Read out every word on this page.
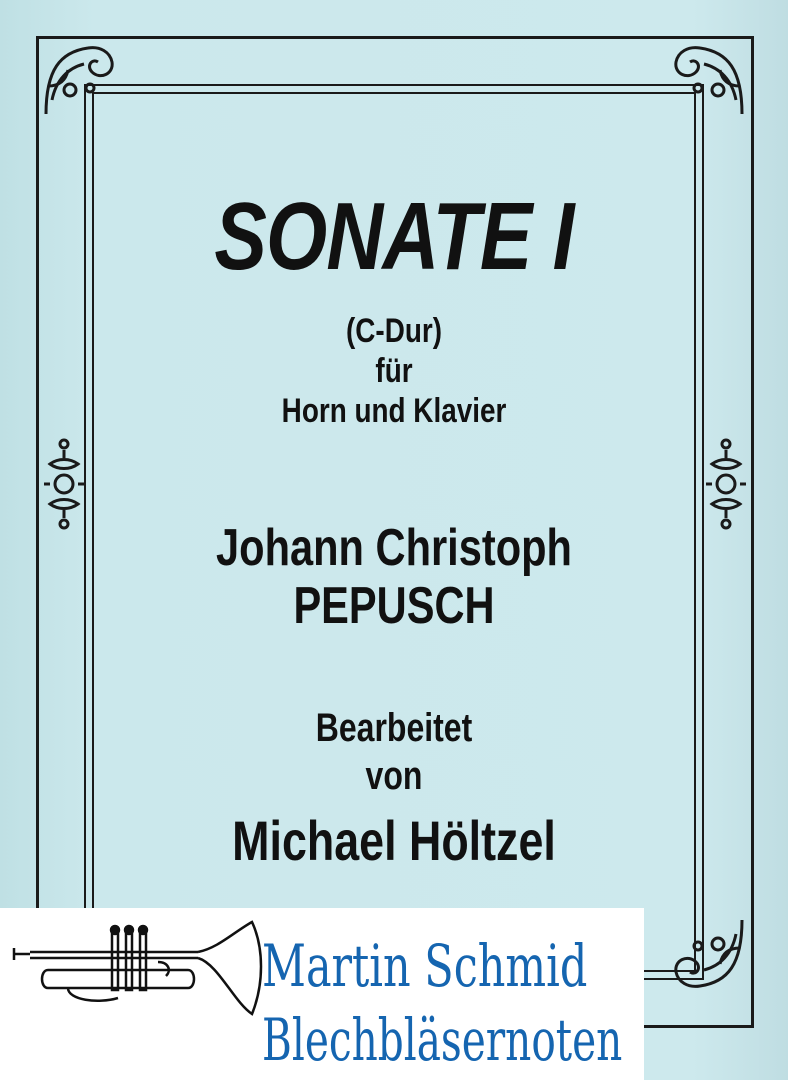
SONATE I
(C-Dur)
für
Horn und Klavier
Johann Christoph
PEPUSCH
Bearbeitet
von
Michael Höltzel
Martin Schmid
Blechbläsernoten
